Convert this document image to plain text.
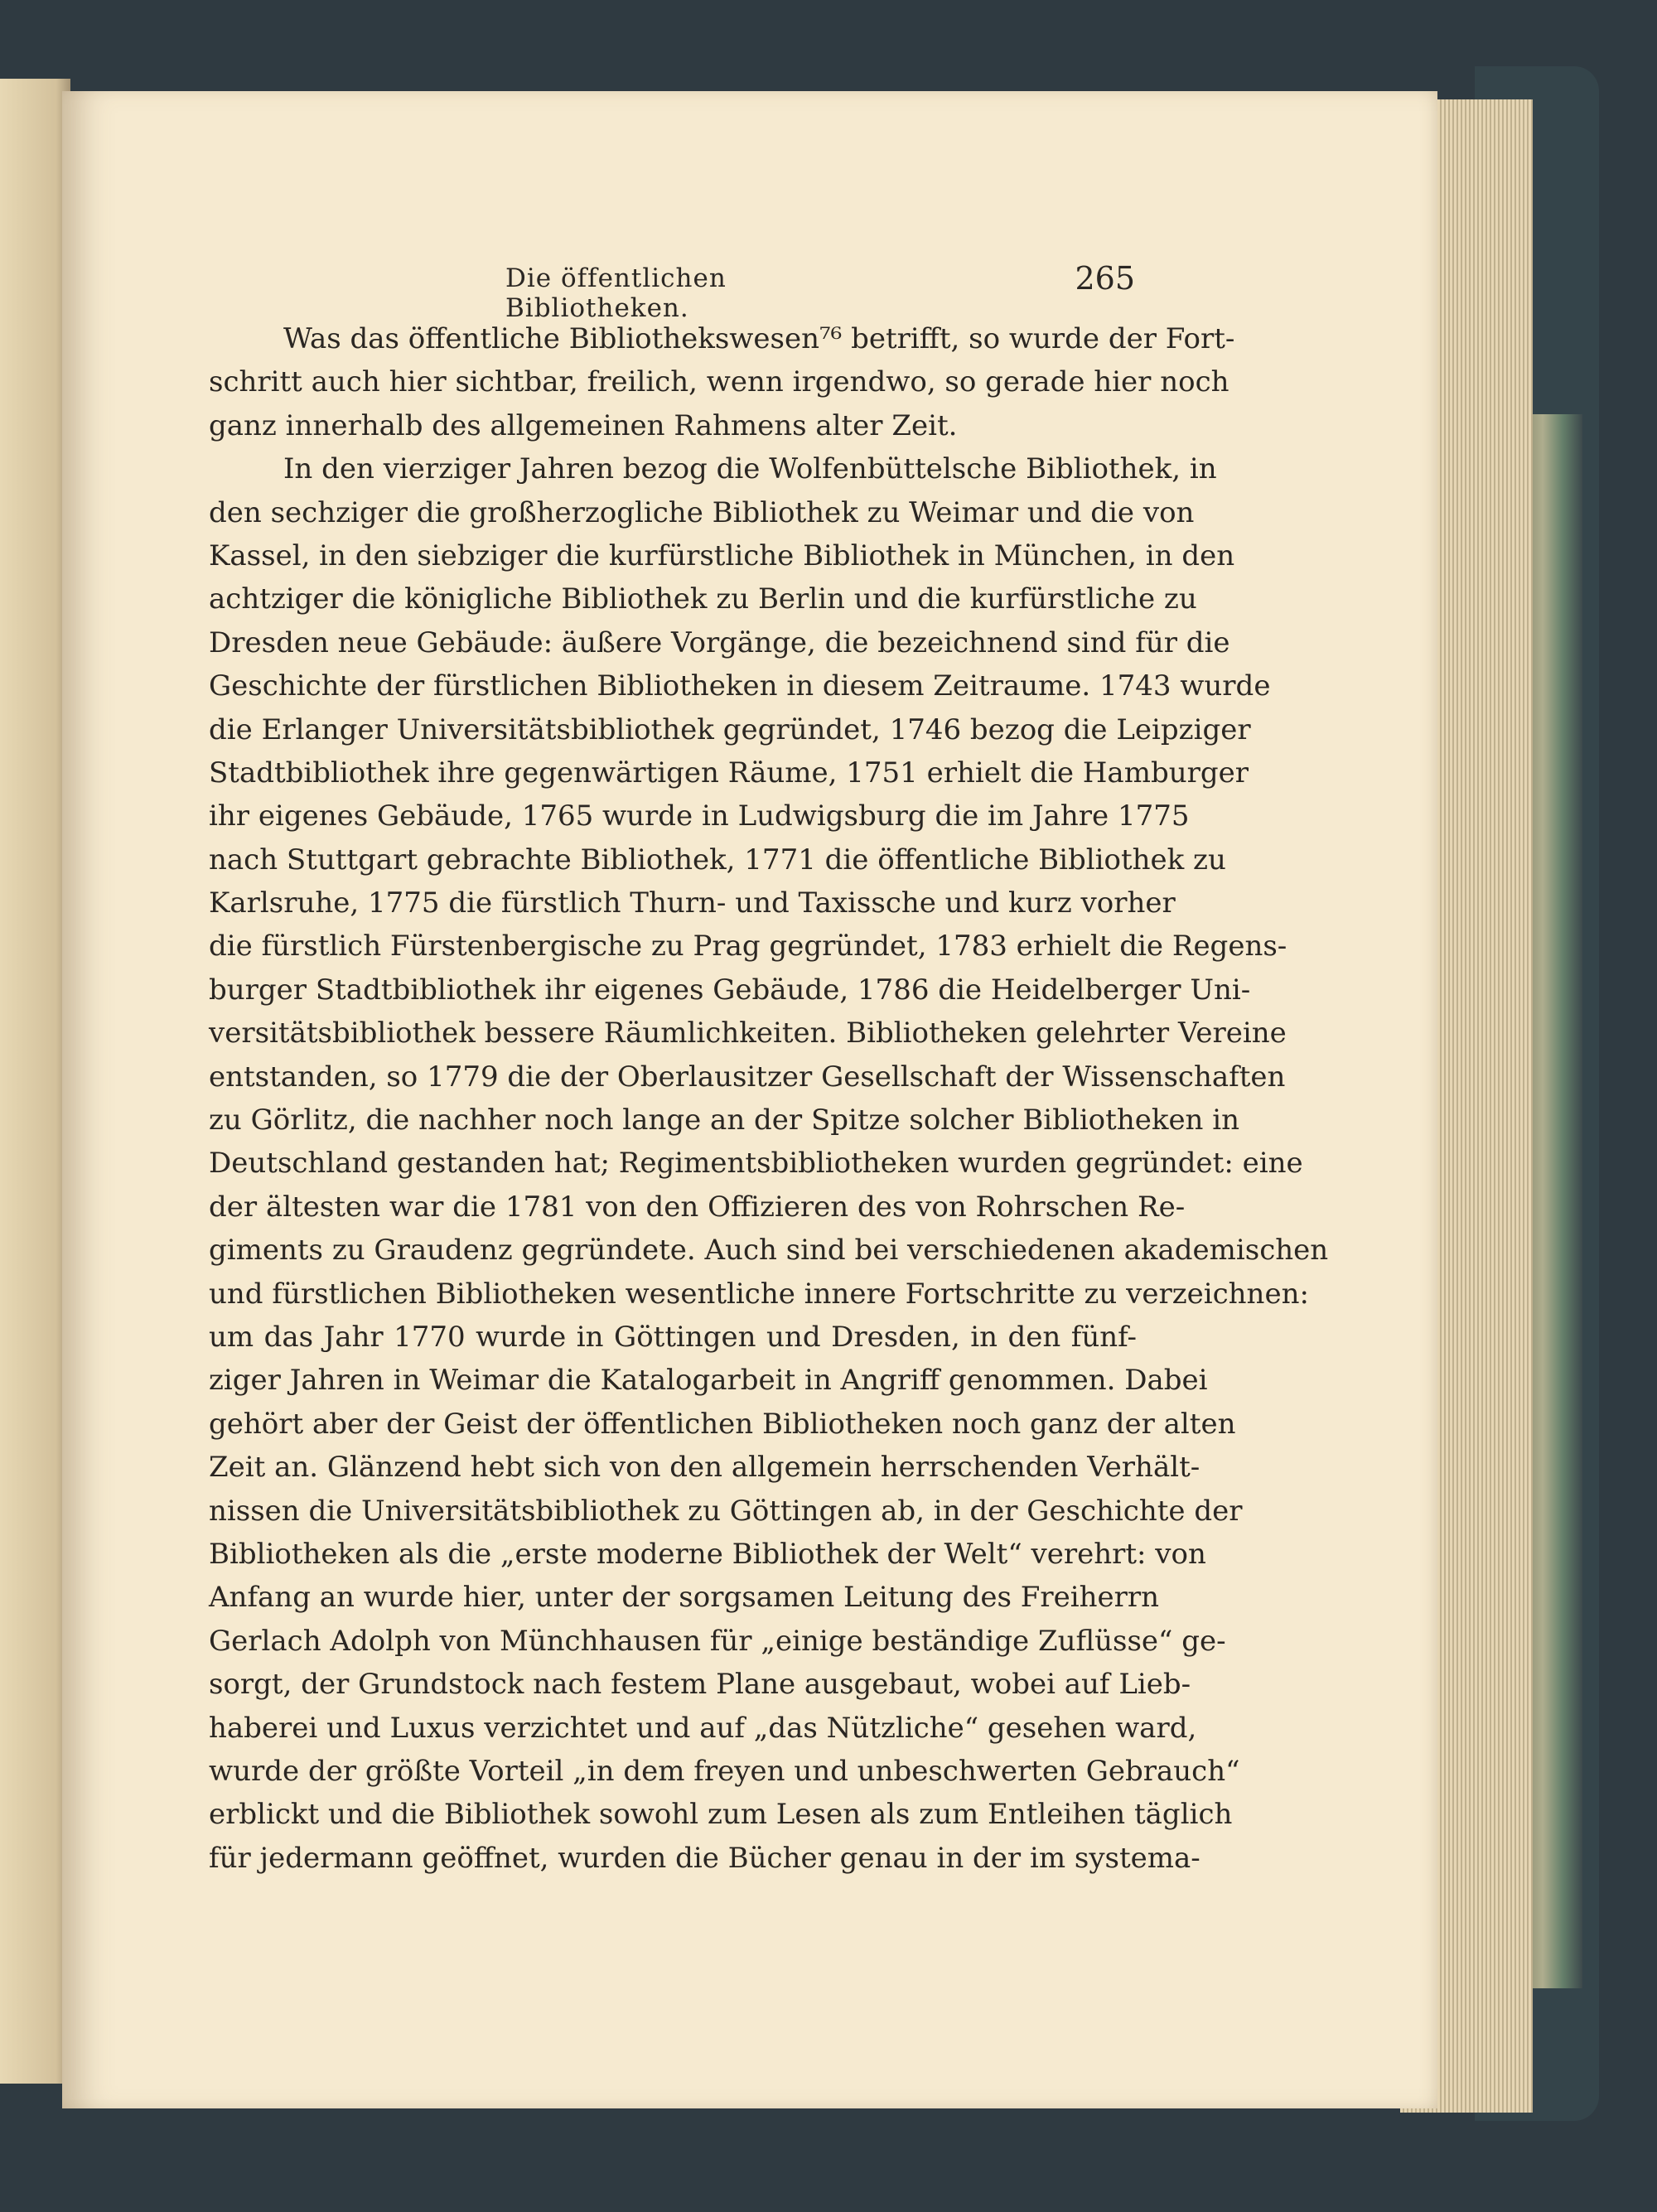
Die öffentlichen Bibliotheken.
265
Was das öffentliche Bibliothekswesen⁷⁶ betrifft, so wurde der Fort-
schritt auch hier sichtbar, freilich, wenn irgendwo, so gerade hier noch
ganz innerhalb des allgemeinen Rahmens alter Zeit.
In den vierziger Jahren bezog die Wolfenbüttelsche Bibliothek, in
den sechziger die großherzogliche Bibliothek zu Weimar und die von
Kassel, in den siebziger die kurfürstliche Bibliothek in München, in den
achtziger die königliche Bibliothek zu Berlin und die kurfürstliche zu
Dresden neue Gebäude: äußere Vorgänge, die bezeichnend sind für die
Geschichte der fürstlichen Bibliotheken in diesem Zeitraume. 1743 wurde
die Erlanger Universitätsbibliothek gegründet, 1746 bezog die Leipziger
Stadtbibliothek ihre gegenwärtigen Räume, 1751 erhielt die Hamburger
ihr eigenes Gebäude, 1765 wurde in Ludwigsburg die im Jahre 1775
nach Stuttgart gebrachte Bibliothek, 1771 die öffentliche Bibliothek zu
Karlsruhe, 1775 die fürstlich Thurn- und Taxissche und kurz vorher
die fürstlich Fürstenbergische zu Prag gegründet, 1783 erhielt die Regens-
burger Stadtbibliothek ihr eigenes Gebäude, 1786 die Heidelberger Uni-
versitätsbibliothek bessere Räumlichkeiten. Bibliotheken gelehrter Vereine
entstanden, so 1779 die der Oberlausitzer Gesellschaft der Wissenschaften
zu Görlitz, die nachher noch lange an der Spitze solcher Bibliotheken in
Deutschland gestanden hat; Regimentsbibliotheken wurden gegründet: eine
der ältesten war die 1781 von den Offizieren des von Rohrschen Re-
giments zu Graudenz gegründete. Auch sind bei verschiedenen akademischen
und fürstlichen Bibliotheken wesentliche innere Fortschritte zu verzeichnen:
um das Jahr 1770 wurde in Göttingen und Dresden, in den fünf-
ziger Jahren in Weimar die Katalogarbeit in Angriff genommen. Dabei
gehört aber der Geist der öffentlichen Bibliotheken noch ganz der alten
Zeit an. Glänzend hebt sich von den allgemein herrschenden Verhält-
nissen die Universitätsbibliothek zu Göttingen ab, in der Geschichte der
Bibliotheken als die „erste moderne Bibliothek der Welt“ verehrt: von
Anfang an wurde hier, unter der sorgsamen Leitung des Freiherrn
Gerlach Adolph von Münchhausen für „einige beständige Zuflüsse“ ge-
sorgt, der Grundstock nach festem Plane ausgebaut, wobei auf Lieb-
haberei und Luxus verzichtet und auf „das Nützliche“ gesehen ward,
wurde der größte Vorteil „in dem freyen und unbeschwerten Gebrauch“
erblickt und die Bibliothek sowohl zum Lesen als zum Entleihen täglich
für jedermann geöffnet, wurden die Bücher genau in der im systema-
